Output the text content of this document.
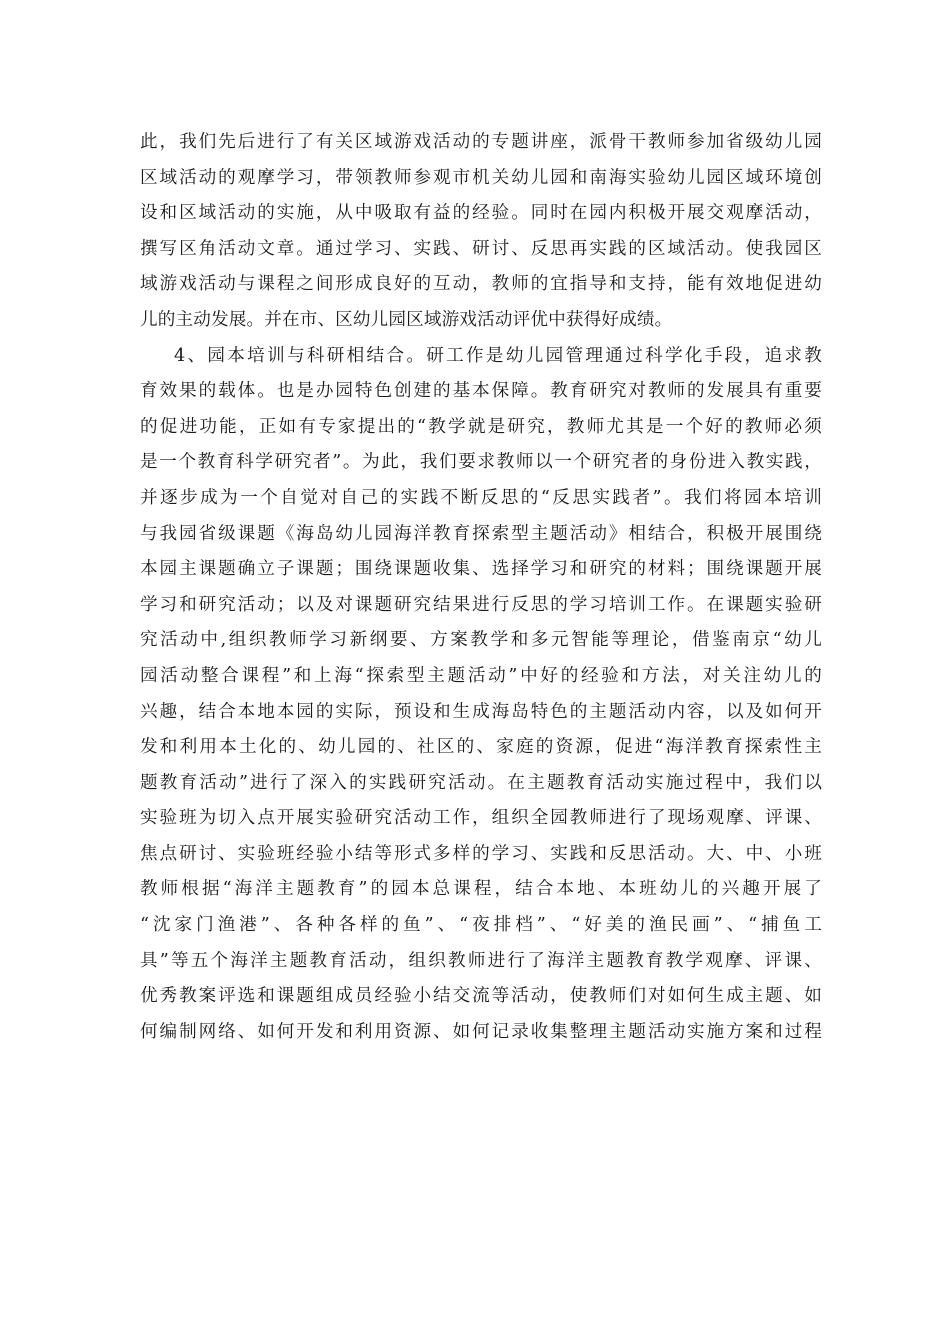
此，我们先后进行了有关区域游戏活动的专题讲座，派骨干教师参加省级幼儿园
区域活动的观摩学习，带领教师参观市机关幼儿园和南海实验幼儿园区域环境创
设和区域活动的实施，从中吸取有益的经验。同时在园内积极开展交观摩活动，
撰写区角活动文章。通过学习、实践、研讨、反思再实践的区域活动。使我园区
域游戏活动与课程之间形成良好的互动，教师的宜指导和支持，能有效地促进幼
儿的主动发展。并在市、区幼儿园区域游戏活动评优中获得好成绩。
4、园本培训与科研相结合。研工作是幼儿园管理通过科学化手段，追求教
育效果的载体。也是办园特色创建的基本保障。教育研究对教师的发展具有重要
的促进功能，正如有专家提出的“教学就是研究，教师尤其是一个好的教师必须
是一个教育科学研究者”。为此，我们要求教师以一个研究者的身份进入教实践，
并逐步成为一个自觉对自己的实践不断反思的“反思实践者”。我们将园本培训
与我园省级课题《海岛幼儿园海洋教育探索型主题活动》相结合，积极开展围绕
本园主课题确立子课题；围绕课题收集、选择学习和研究的材料；围绕课题开展
学习和研究活动；以及对课题研究结果进行反思的学习培训工作。在课题实验研
究活动中,组织教师学习新纲要、方案教学和多元智能等理论，借鉴南京“幼儿
园活动整合课程”和上海“探索型主题活动”中好的经验和方法，对关注幼儿的
兴趣，结合本地本园的实际，预设和生成海岛特色的主题活动内容，以及如何开
发和利用本土化的、幼儿园的、社区的、家庭的资源，促进“海洋教育探索性主
题教育活动”进行了深入的实践研究活动。在主题教育活动实施过程中，我们以
实验班为切入点开展实验研究活动工作，组织全园教师进行了现场观摩、评课、
焦点研讨、实验班经验小结等形式多样的学习、实践和反思活动。大、中、小班
教师根据“海洋主题教育”的园本总课程，结合本地、本班幼儿的兴趣开展了
“沈家门渔港”、各种各样的鱼”、“夜排档”、“好美的渔民画”、“捕鱼工
具”等五个海洋主题教育活动，组织教师进行了海洋主题教育教学观摩、评课、
优秀教案评选和课题组成员经验小结交流等活动，使教师们对如何生成主题、如
何编制网络、如何开发和利用资源、如何记录收集整理主题活动实施方案和过程
